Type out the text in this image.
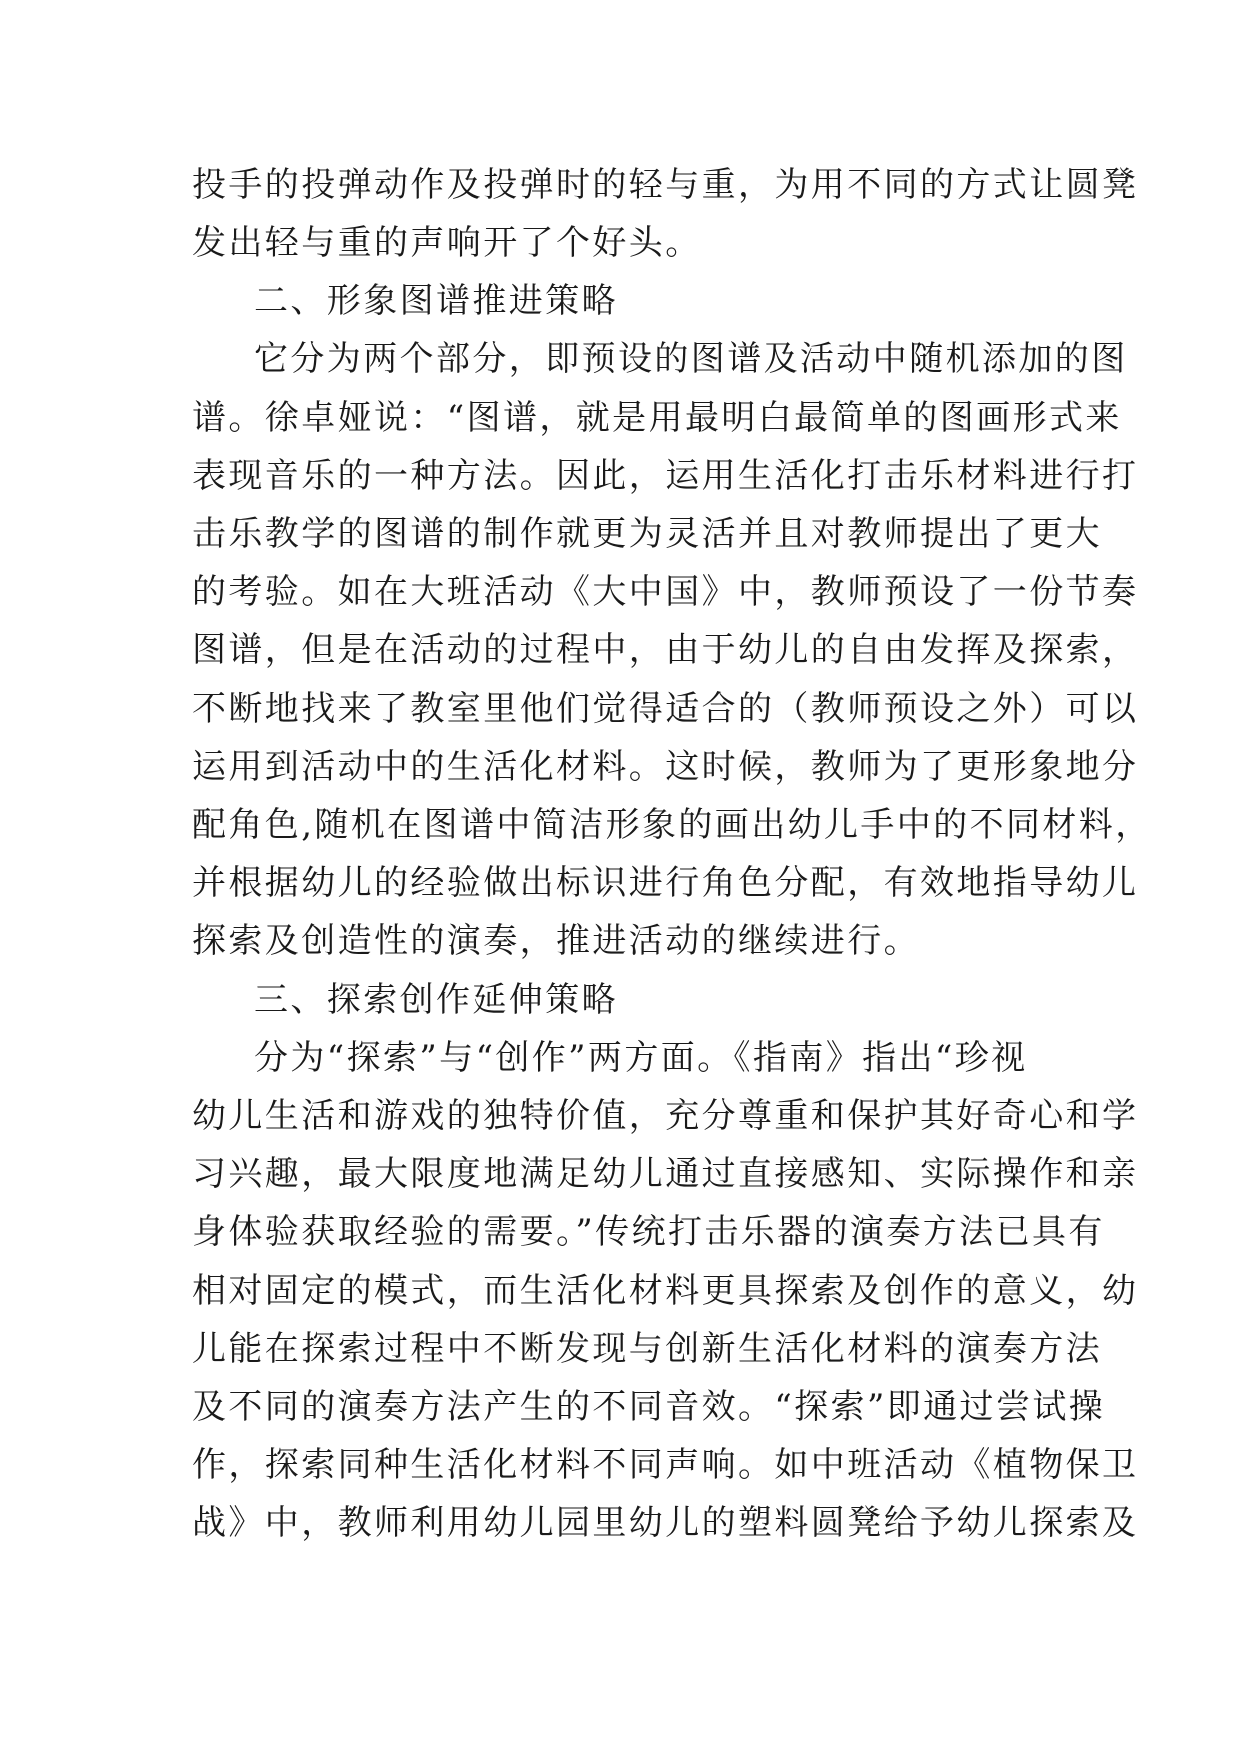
投手的投弹动作及投弹时的轻与重，为用不同的方式让圆凳
发出轻与重的声响开了个好头。
二、形象图谱推进策略
它分为两个部分，即预设的图谱及活动中随机添加的图
谱。徐卓娅说：“图谱，就是用最明白最简单的图画形式来
表现音乐的一种方法。因此，运用生活化打击乐材料进行打
击乐教学的图谱的制作就更为灵活并且对教师提出了更大
的考验。如在大班活动《大中国》中，教师预设了一份节奏
图谱，但是在活动的过程中，由于幼儿的自由发挥及探索，
不断地找来了教室里他们觉得适合的（教师预设之外）可以
运用到活动中的生活化材料。这时候，教师为了更形象地分
配角色,随机在图谱中简洁形象的画出幼儿手中的不同材料，
并根据幼儿的经验做出标识进行角色分配，有效地指导幼儿
探索及创造性的演奏，推进活动的继续进行。
三、探索创作延伸策略
分为“探索”与“创作”两方面。《指南》指出“珍视
幼儿生活和游戏的独特价值，充分尊重和保护其好奇心和学
习兴趣，最大限度地满足幼儿通过直接感知、实际操作和亲
身体验获取经验的需要。”传统打击乐器的演奏方法已具有
相对固定的模式，而生活化材料更具探索及创作的意义，幼
儿能在探索过程中不断发现与创新生活化材料的演奏方法
及不同的演奏方法产生的不同音效。“探索”即通过尝试操
作，探索同种生活化材料不同声响。如中班活动《植物保卫
战》中，教师利用幼儿园里幼儿的塑料圆凳给予幼儿探索及
